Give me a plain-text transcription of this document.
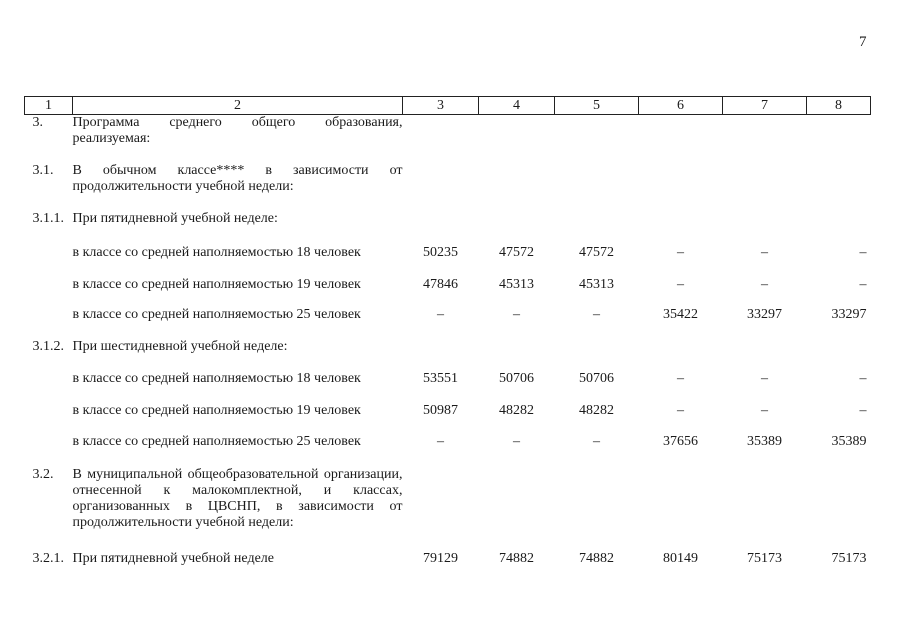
7
1	2	3	4	5	6	7	8
3.	Программа среднего общего образования, реализуемая:						
3.1.	В обычном классе**** в зависимости от продолжительности учебной недели:						
3.1.1.	При пятидневной учебной неделе:						
	в классе со средней наполняемостью 18 человек	50235	47572	47572	–	–	–
	в классе со средней наполняемостью 19 человек	47846	45313	45313	–	–	–
	в классе со средней наполняемостью 25 человек	–	–	–	35422	33297	33297
3.1.2.	При шестидневной учебной неделе:						
	в классе со средней наполняемостью 18 человек	53551	50706	50706	–	–	–
	в классе со средней наполняемостью 19 человек	50987	48282	48282	–	–	–
	в классе со средней наполняемостью 25 человек	–	–	–	37656	35389	35389
3.2.	В муниципальной общеобразовательной организации, отнесенной к малокомплектной, и классах, организованных в ЦВСНП, в зависимости от продолжительности учебной недели:						
3.2.1.	При пятидневной учебной неделе	79129	74882	74882	80149	75173	75173
